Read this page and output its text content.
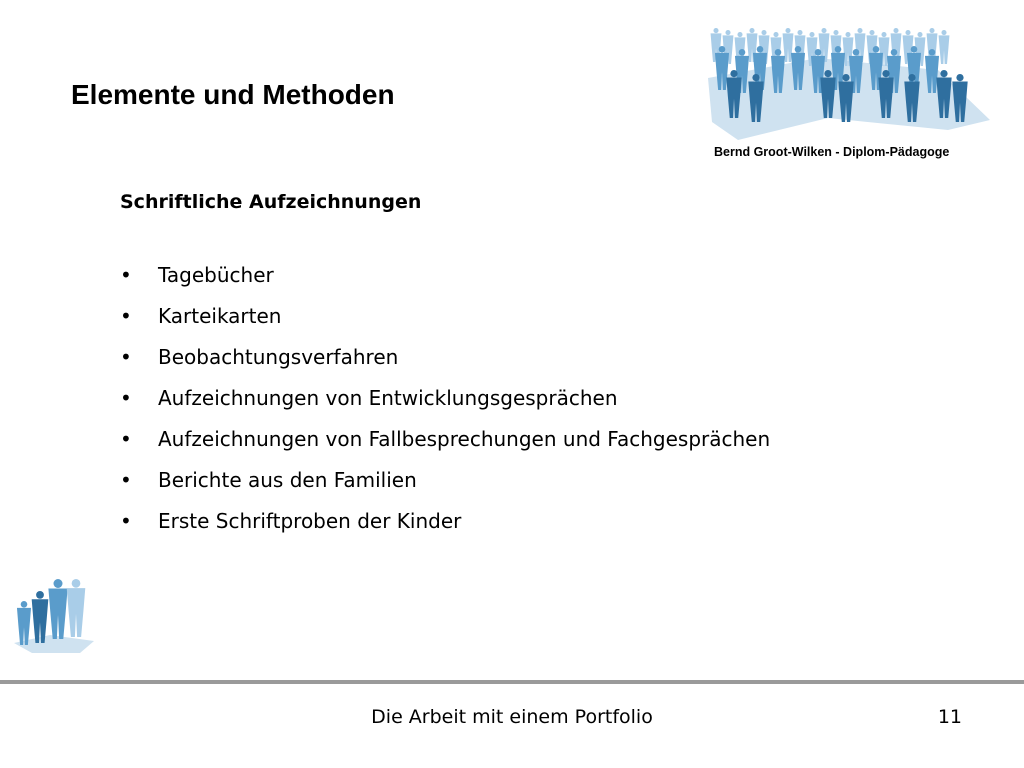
Elemente und Methoden
Bernd Groot-Wilken - Diplom-Pädagoge
Schriftliche Aufzeichnungen
•	Tagebücher
•	Karteikarten
•	Beobachtungsverfahren
•	Aufzeichnungen von Entwicklungsgesprächen
•	Aufzeichnungen von Fallbesprechungen und Fachgesprächen
•	Berichte aus den Familien
•	Erste Schriftproben der Kinder
Die Arbeit mit einem Portfolio	11
